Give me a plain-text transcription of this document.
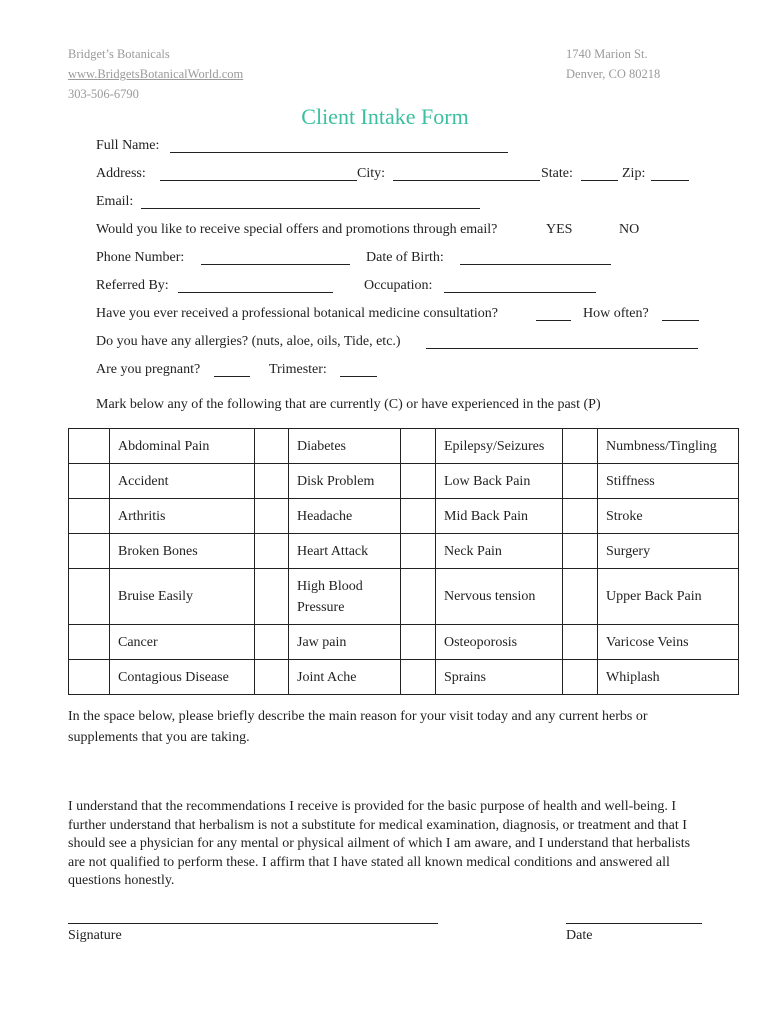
Bridget’s Botanicals
www.BridgetsBotanicalWorld.com
303-506-6790
1740 Marion St.
Denver, CO 80218
Client Intake Form
Full Name:
Address:	City:	State:	Zip:
Email:
Would you like to receive special offers and promotions through email?	YES	NO
Phone Number:	Date of Birth:
Referred By:	Occupation:
Have you ever received a professional botanical medicine consultation?	How often?
Do you have any allergies? (nuts, aloe, oils, Tide, etc.)
Are you pregnant?	Trimester:
Mark below any of the following that are currently (C) or have experienced in the past (P)
	Abdominal Pain		Diabetes		Epilepsy/Seizures		Numbness/Tingling
	Accident		Disk Problem		Low Back Pain		Stiffness
	Arthritis		Headache		Mid Back Pain		Stroke
	Broken Bones		Heart Attack		Neck Pain		Surgery
	Bruise Easily		High Blood Pressure		Nervous tension		Upper Back Pain
	Cancer		Jaw pain		Osteoporosis		Varicose Veins
	Contagious Disease		Joint Ache		Sprains		Whiplash
In the space below, please briefly describe the main reason for your visit today and any current herbs or supplements that you are taking.
I understand that the recommendations I receive is provided for the basic purpose of health and well-being. I further understand that herbalism is not a substitute for medical examination, diagnosis, or treatment and that I should see a physician for any mental or physical ailment of which I am aware, and I understand that herbalists are not qualified to perform these. I affirm that I have stated all known medical conditions and answered all questions honestly.
Signature	Date
